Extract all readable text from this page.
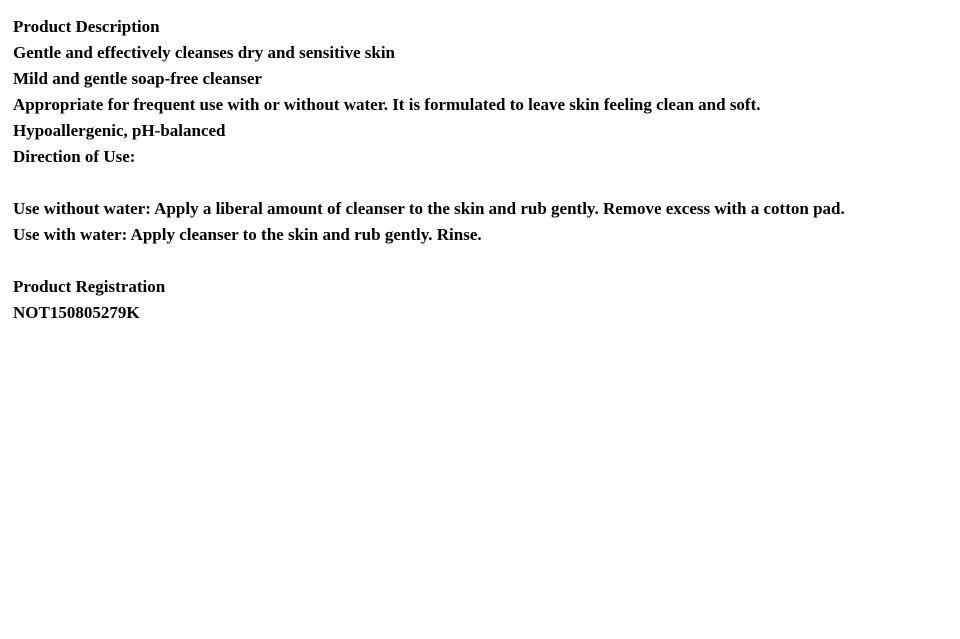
Product Description
Gentle and effectively cleanses dry and sensitive skin
Mild and gentle soap-free cleanser
Appropriate for frequent use with or without water. It is formulated to leave skin feeling clean and soft.
Hypoallergenic, pH-balanced
Direction of Use:
Use without water: Apply a liberal amount of cleanser to the skin and rub gently. Remove excess with a cotton pad.
Use with water: Apply cleanser to the skin and rub gently. Rinse.
Product Registration
NOT150805279K
